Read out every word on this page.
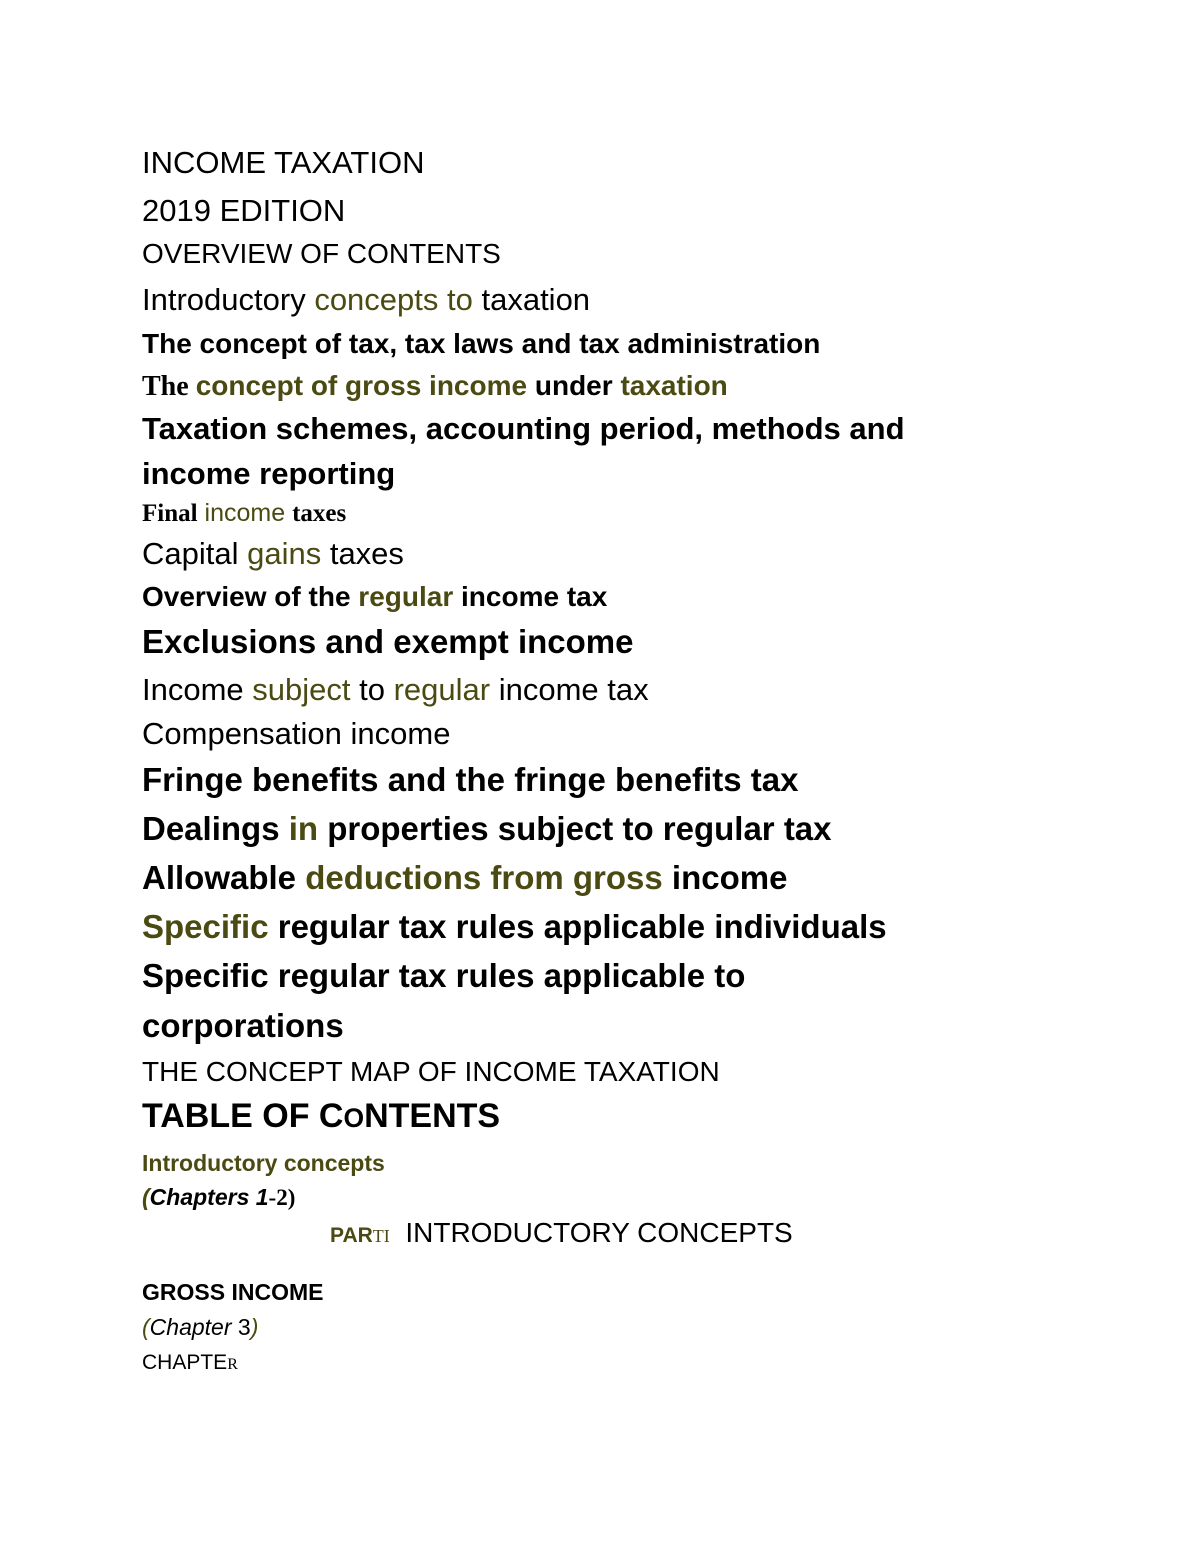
INCOME TAXATION
2019 EDITION
OVERVIEW OF CONTENTS
Introductory concepts to taxation
The concept of tax, tax laws and tax administration
The concept of gross income under taxation
Taxation schemes, accounting period, methods and
income reporting
Final income taxes
Capital gains taxes
Overview of the regular income tax
Exclusions and exempt income
Income subject to regular income tax
Compensation income
Fringe benefits and the fringe benefits tax
Dealings in properties subject to regular tax
Allowable deductions from gross income
Specific regular tax rules applicable individuals
Specific regular tax rules applicable to
corporations
THE CONCEPT MAP OF INCOME TAXATION
TABLE OF CONTENTS
Introductory concepts
(Chapters 1-2)
PARTI INTRODUCTORY CONCEPTS
GROSS INCOME
(Chapter 3)
CHAPTER
